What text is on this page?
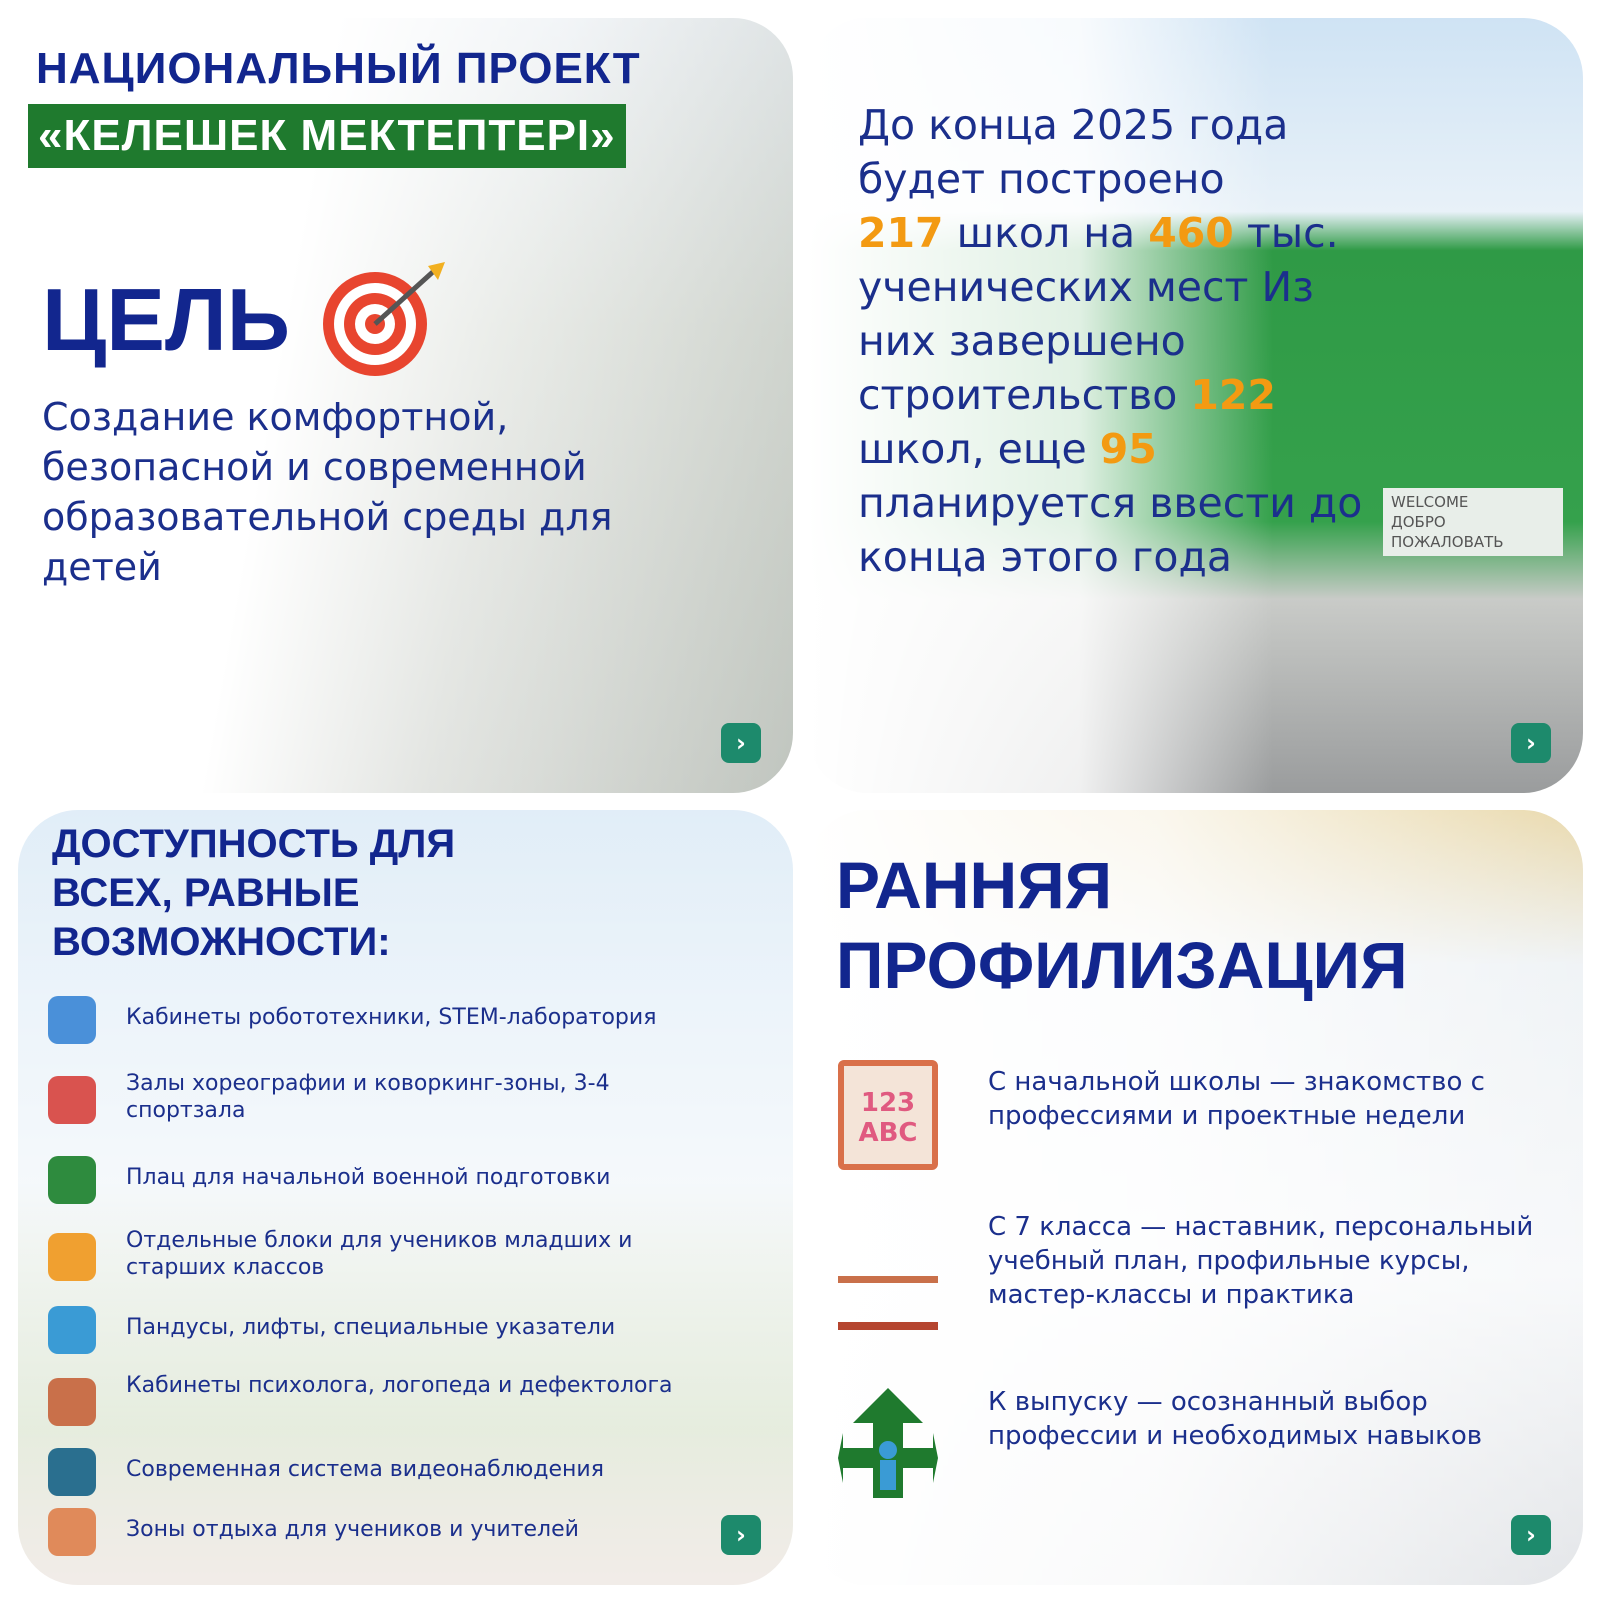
›
НАЦИОНАЛЬНЫЙ ПРОЕКТ
«КЕЛЕШЕК МЕКТЕПТЕРІ»
ЦЕЛЬ
Создание комфортной, безопасной и современной образовательной среды для детей
До конца 2025 года будет построено
217 школ на 460 тыс. ученических мест Из них завершено строительство 122 школ, еще 95 планируется ввести до конца этого года
WELCOME
ДОБРО ПОЖАЛОВАТЬ
›
›
ДОСТУПНОСТЬ ДЛЯ ВСЕХ, РАВНЫЕ ВОЗМОЖНОСТИ:
Кабинеты робототехники, STEM-лаборатория
Залы хореографии и коворкинг-зоны, 3-4 спортзала
Плац для начальной военной подготовки
Отдельные блоки для учеников младших и старших классов
Пандусы, лифты, специальные указатели
Кабинеты психолога, логопеда и дефектолога
Современная система видеонаблюдения
Зоны отдыха для учеников и учителей
РАННЯЯ
ПРОФИЛИЗАЦИЯ
123 ABC
С начальной школы — знакомство с профессиями и проектные недели
С 7 класса — наставник, персональный учебный план, профильные курсы, мастер-классы и практика
К выпуску — осознанный выбор профессии и необходимых навыков
›
